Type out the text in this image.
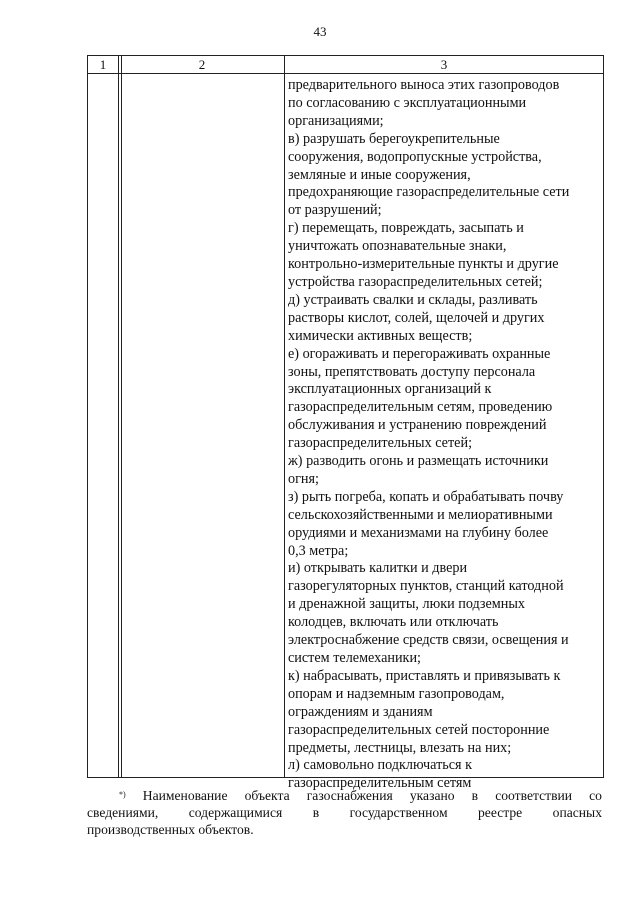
43
1	2	3
предварительного выноса этих газопроводов
по согласованию с эксплуатационными
организациями;
в) разрушать берегоукрепительные
сооружения, водопропускные устройства,
земляные и иные сооружения,
предохраняющие газораспределительные сети
от разрушений;
г) перемещать, повреждать, засыпать и
уничтожать опознавательные знаки,
контрольно-измерительные пункты и другие
устройства газораспределительных сетей;
д) устраивать свалки и склады, разливать
растворы кислот, солей, щелочей и других
химически активных веществ;
е) огораживать и перегораживать охранные
зоны, препятствовать доступу персонала
эксплуатационных организаций к
газораспределительным сетям, проведению
обслуживания и устранению повреждений
газораспределительных сетей;
ж) разводить огонь и размещать источники
огня;
з) рыть погреба, копать и обрабатывать почву
сельскохозяйственными и мелиоративными
орудиями и механизмами на глубину более
0,3 метра;
и) открывать калитки и двери
газорегуляторных пунктов, станций катодной
и дренажной защиты, люки подземных
колодцев, включать или отключать
электроснабжение средств связи, освещения и
систем телемеханики;
к) набрасывать, приставлять и привязывать к
опорам и надземным газопроводам,
ограждениям и зданиям
газораспределительных сетей посторонние
предметы, лестницы, влезать на них;
л) самовольно подключаться к
газораспределительным сетям
*) Наименование объекта газоснабжения указано в соответствии со
сведениями, содержащимися в государственном реестре опасных
производственных объектов.
